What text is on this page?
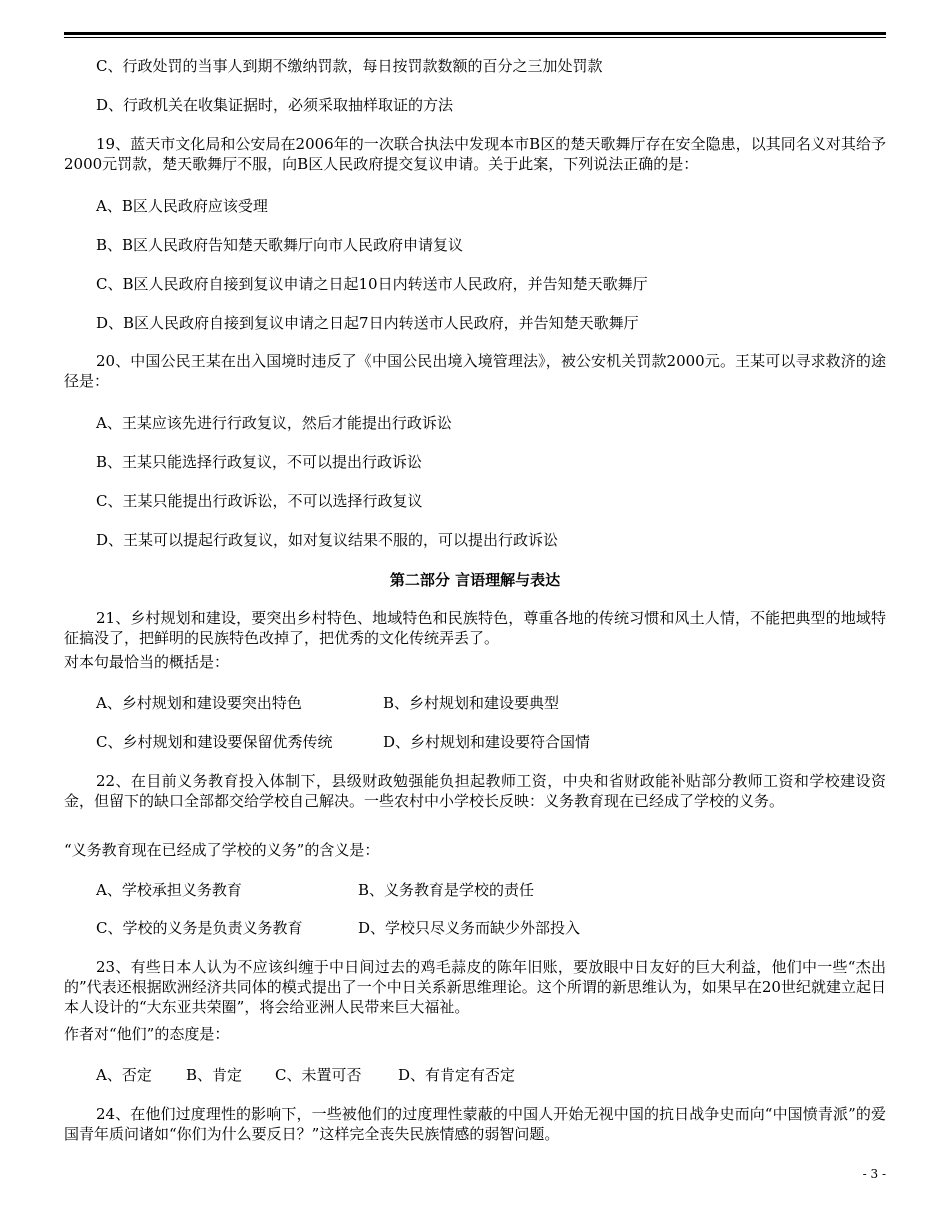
C、行政处罚的当事人到期不缴纳罚款，每日按罚款数额的百分之三加处罚款
D、行政机关在收集证据时，必须采取抽样取证的方法

19、蓝天市文化局和公安局在2006年的一次联合执法中发现本市B区的楚天歌舞厅存在安全隐患，以其同名义对其给予2000元罚款，楚天歌舞厅不服，向B区人民政府提交复议申请。关于此案，下列说法正确的是：

A、B区人民政府应该受理
B、B区人民政府告知楚天歌舞厅向市人民政府申请复议
C、B区人民政府自接到复议申请之日起10日内转送市人民政府，并告知楚天歌舞厅
D、B区人民政府自接到复议申请之日起7日内转送市人民政府，并告知楚天歌舞厅

20、中国公民王某在出入国境时违反了《中国公民出境入境管理法》，被公安机关罚款2000元。王某可以寻求救济的途径是：

A、王某应该先进行行政复议，然后才能提出行政诉讼
B、王某只能选择行政复议，不可以提出行政诉讼
C、王某只能提出行政诉讼，不可以选择行政复议
D、王某可以提起行政复议，如对复议结果不服的，可以提出行政诉讼
第二部分 言语理解与表达

21、乡村规划和建设，要突出乡村特色、地域特色和民族特色，尊重各地的传统习惯和风土人情，不能把典型的地域特征搞没了，把鲜明的民族特色改掉了，把优秀的文化传统弄丢了。

对本句最恰当的概括是：
A、乡村规划和建设要突出特色	B、乡村规划和建设要典型
C、乡村规划和建设要保留优秀传统	D、乡村规划和建设要符合国情

22、在目前义务教育投入体制下，县级财政勉强能负担起教师工资，中央和省财政能补贴部分教师工资和学校建设资金，但留下的缺口全部都交给学校自己解决。一些农村中小学校长反映：义务教育现在已经成了学校的义务。

“义务教育现在已经成了学校的义务”的含义是：
A、学校承担义务教育	B、义务教育是学校的责任
C、学校的义务是负责义务教育	D、学校只尽义务而缺少外部投入

23、有些日本人认为不应该纠缠于中日间过去的鸡毛蒜皮的陈年旧账，要放眼中日友好的巨大利益，他们中一些“杰出的”代表还根据欧洲经济共同体的模式提出了一个中日关系新思维理论。这个所谓的新思维认为，如果早在20世纪就建立起日本人设计的“大东亚共荣圈”，将会给亚洲人民带来巨大福祉。

作者对“他们”的态度是：
A、否定 B、肯定 C、未置可否 D、有肯定有否定

24、在他们过度理性的影响下，一些被他们的过度理性蒙蔽的中国人开始无视中国的抗日战争史而向“中国愤青派”的爱国青年质问诸如“你们为什么要反日？”这样完全丧失民族情感的弱智问题。

- 3 -
